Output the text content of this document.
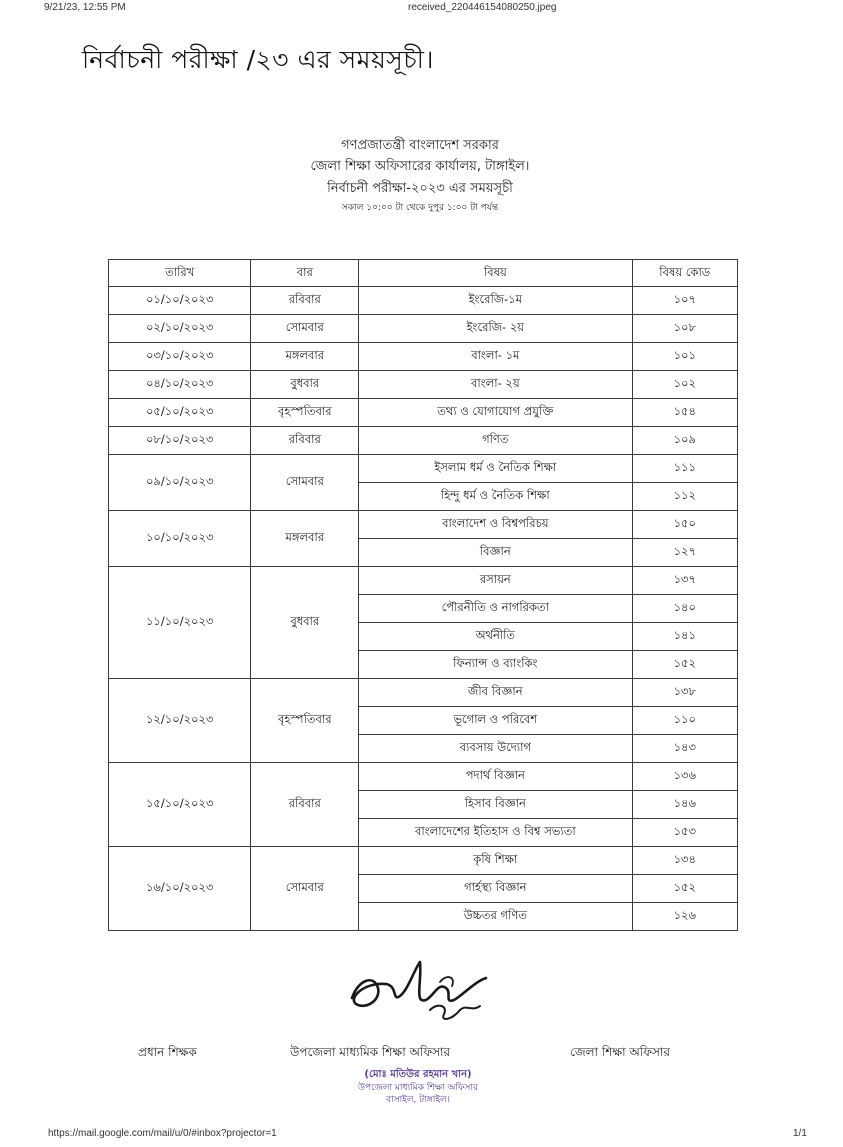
9/21/23, 12:55 PM	received_220446154080250.jpeg
নির্বাচনী পরীক্ষা /২৩ এর সময়সূচী।
গণপ্রজাতন্ত্রী বাংলাদেশ সরকার
জেলা শিক্ষা অফিসারের কার্যালয়, টাঙ্গাইল।
নির্বাচনী পরীক্ষা-২০২৩ এর সময়সূচী
সকাল ১০:০০ টা থেকে দুপুর ১:০০ টা পর্যন্ত
তারিখ	বার	বিষয়	বিষয় কোড
০১/১০/২০২৩	রবিবার	ইংরেজি-১ম	১০৭
০২/১০/২০২৩	সোমবার	ইংরেজি- ২য়	১০৮
০৩/১০/২০২৩	মঙ্গলবার	বাংলা- ১ম	১০১
০৪/১০/২০২৩	বুধবার	বাংলা- ২য়	১০২
০৫/১০/২০২৩	বৃহস্পতিবার	তথ্য ও যোগাযোগ প্রযুক্তি	১৫৪
০৮/১০/২০২৩	রবিবার	গণিত	১০৯
০৯/১০/২০২৩	সোমবার	ইসলাম ধর্ম ও নৈতিক শিক্ষা	১১১
		হিন্দু ধর্ম ও নৈতিক শিক্ষা	১১২
১০/১০/২০২৩	মঙ্গলবার	বাংলাদেশ ও বিশ্বপরিচয়	১৫০
		বিজ্ঞান	১২৭
১১/১০/২০২৩	বুধবার	রসায়ন	১৩৭
		পৌরনীতি ও নাগরিকতা	১৪০
		অর্থনীতি	১৪১
		ফিন্যান্স ও ব্যাংকিং	১৫২
১২/১০/২০২৩	বৃহস্পতিবার	জীব বিজ্ঞান	১৩৮
		ভূগোল ও পরিবেশ	১১০
		ব্যবসায় উদ্যোগ	১৪৩
১৫/১০/২০২৩	রবিবার	পদার্থ বিজ্ঞান	১৩৬
		হিসাব বিজ্ঞান	১৪৬
		বাংলাদেশের ইতিহাস ও বিশ্ব সভ্যতা	১৫৩
১৬/১০/২০২৩	সোমবার	কৃষি শিক্ষা	১৩৪
		গার্হস্থ্য বিজ্ঞান	১৫২
		উচ্চতর গণিত	১২৬
প্রধান শিক্ষক	উপজেলা মাধ্যমিক শিক্ষা অফিসার	জেলা শিক্ষা অফিসার
(মোঃ মতিউর রহমান খান)
উপজেলা মাধ্যমিক শিক্ষা অফিসার
বাসাইল, টাঙ্গাইল।
https://mail.google.com/mail/u/0/#inbox?projector=1	1/1
